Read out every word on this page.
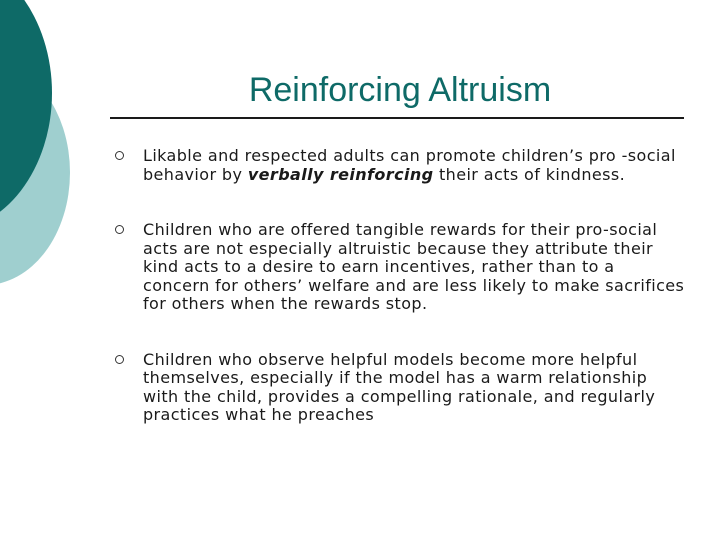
Reinforcing Altruism
Likable and respected adults can promote children’s pro -social behavior by verbally reinforcing their acts of kindness.
Children who are offered tangible rewards for their pro-social acts are not especially altruistic because they attribute their kind acts to a desire to earn incentives, rather than to a concern for others’ welfare and are less likely to make sacrifices for others when the rewards stop.
Children who observe helpful models become more helpful themselves, especially if the model has a warm relationship with the child, provides a compelling rationale, and regularly practices what he preaches
